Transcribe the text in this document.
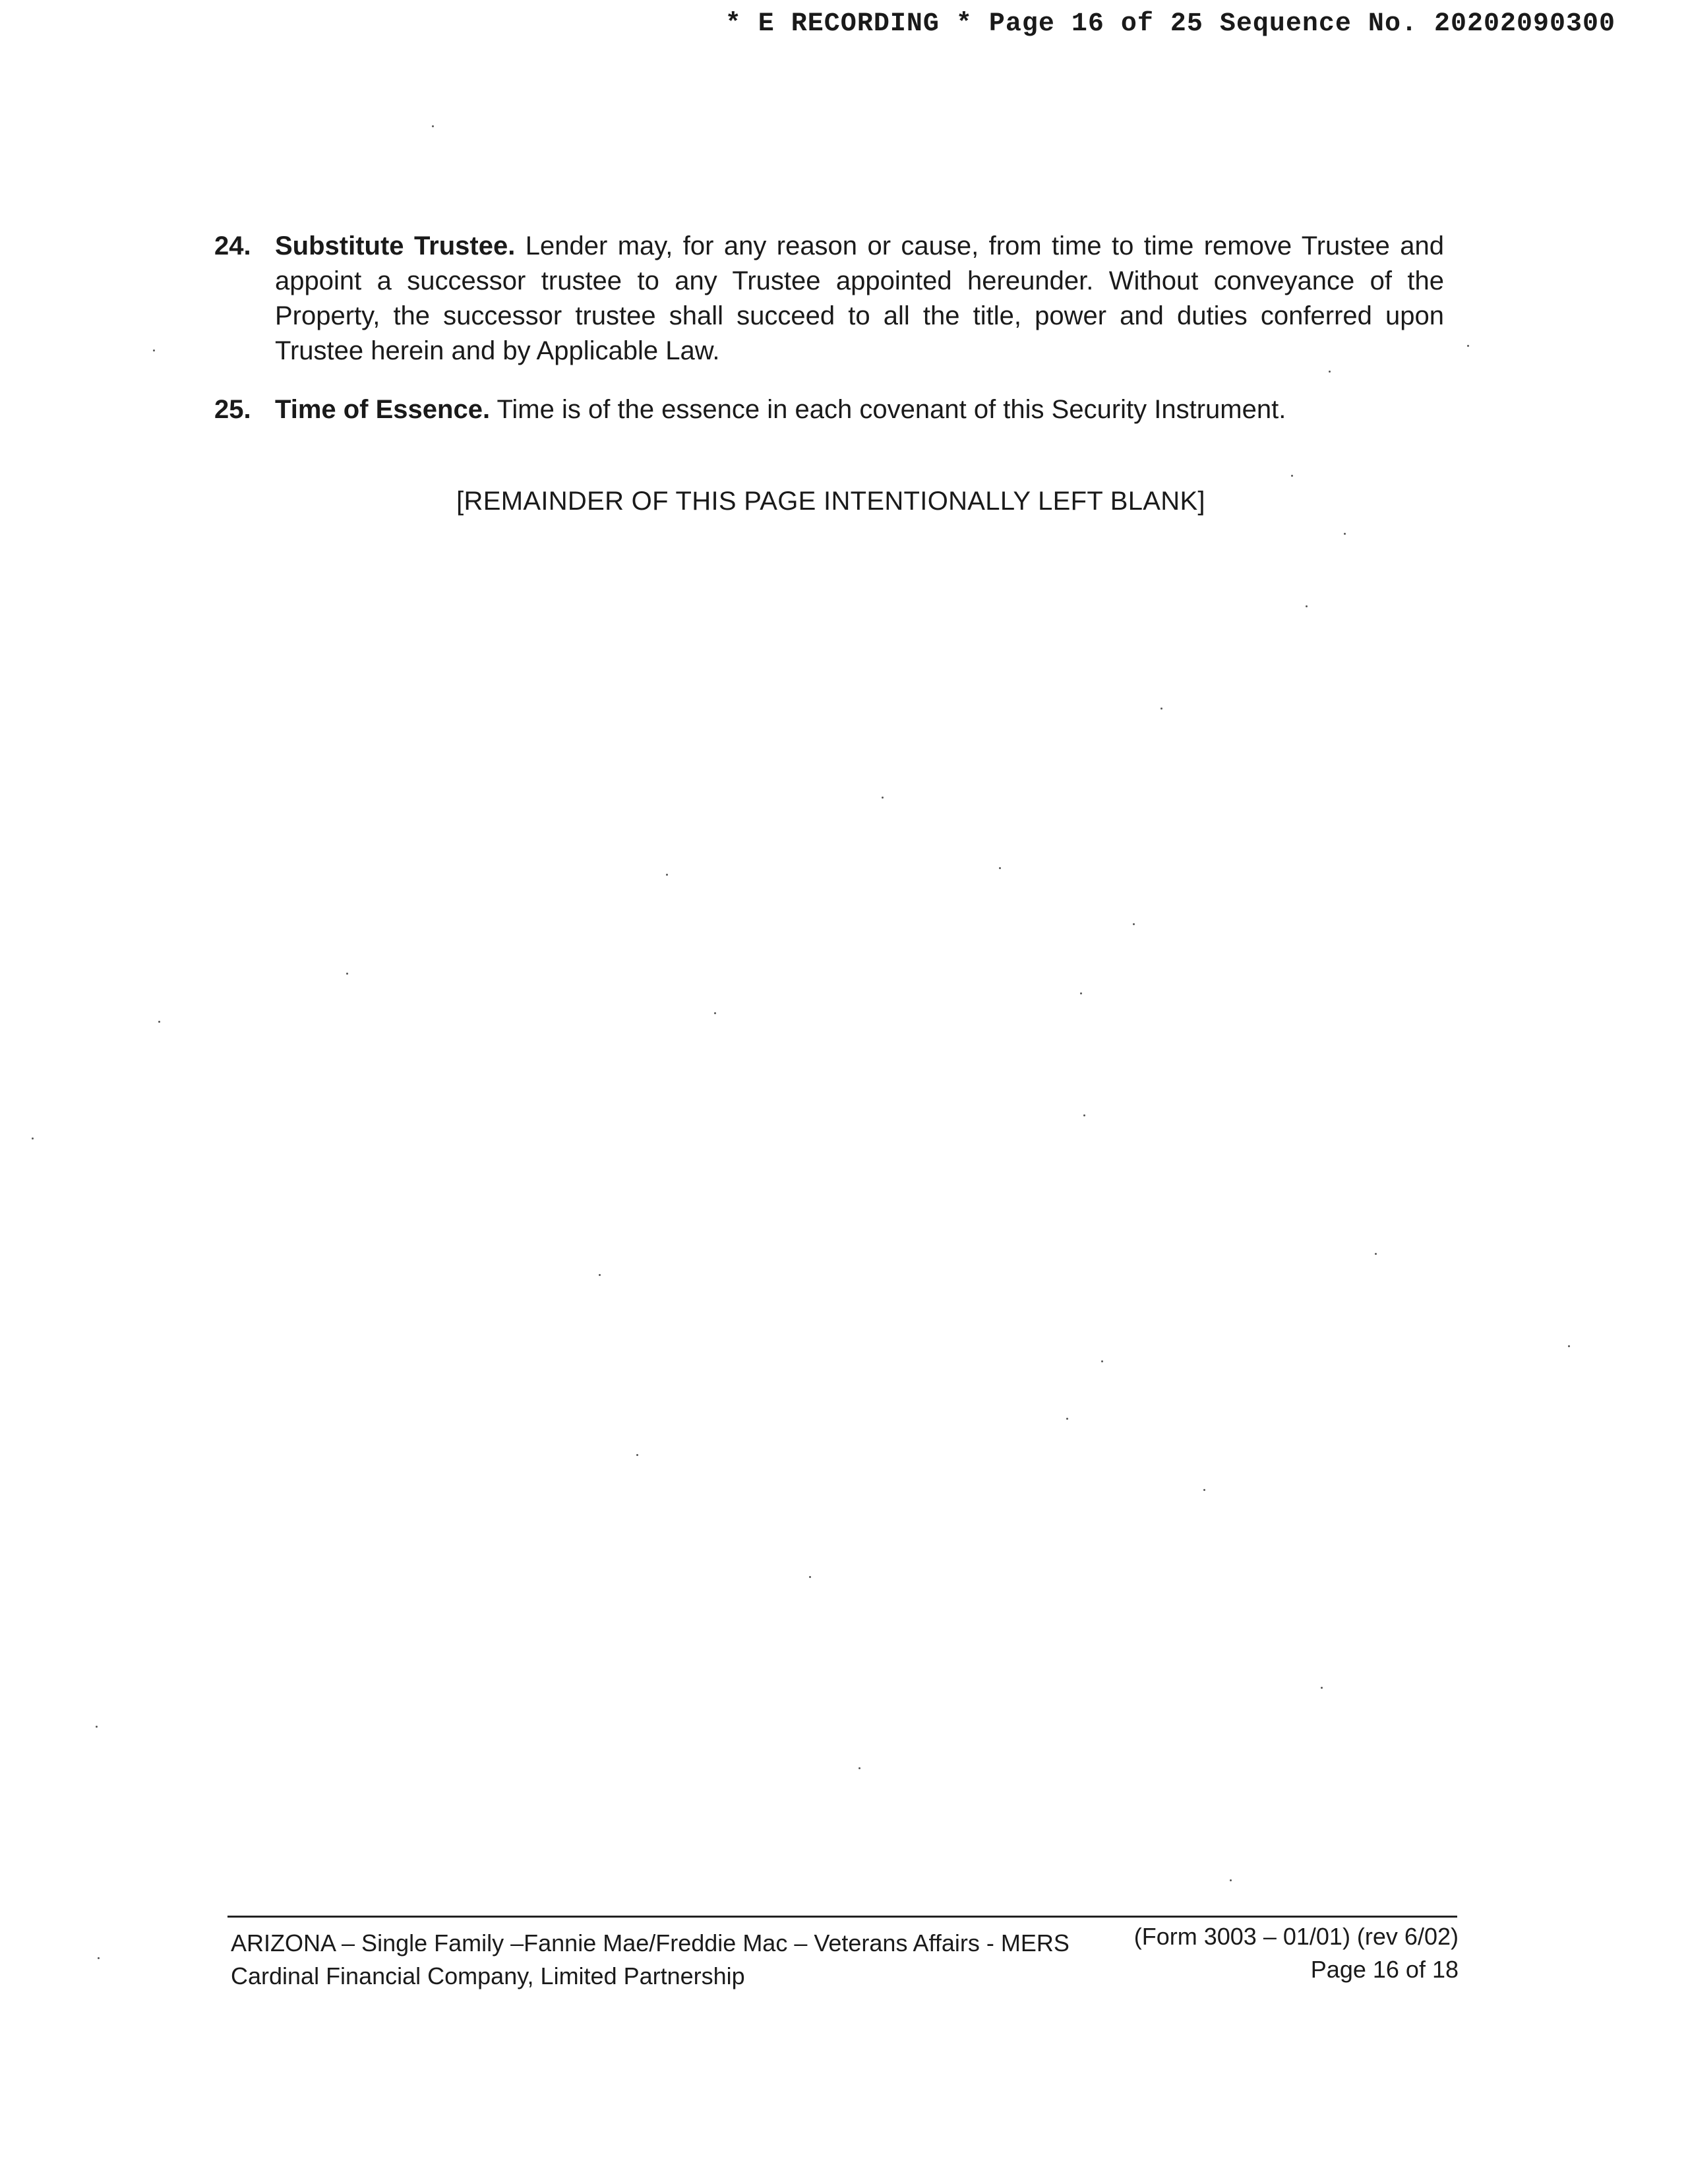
* E RECORDING * Page 16 of 25 Sequence No. 20202090300
24. Substitute Trustee. Lender may, for any reason or cause, from time to time remove Trustee and appoint a successor trustee to any Trustee appointed hereunder. Without conveyance of the Property, the successor trustee shall succeed to all the title, power and duties conferred upon Trustee herein and by Applicable Law.
25. Time of Essence. Time is of the essence in each covenant of this Security Instrument.
[REMAINDER OF THIS PAGE INTENTIONALLY LEFT BLANK]
ARIZONA – Single Family –Fannie Mae/Freddie Mac – Veterans Affairs - MERS
Cardinal Financial Company, Limited Partnership
(Form 3003 – 01/01) (rev 6/02)
Page 16 of 18
